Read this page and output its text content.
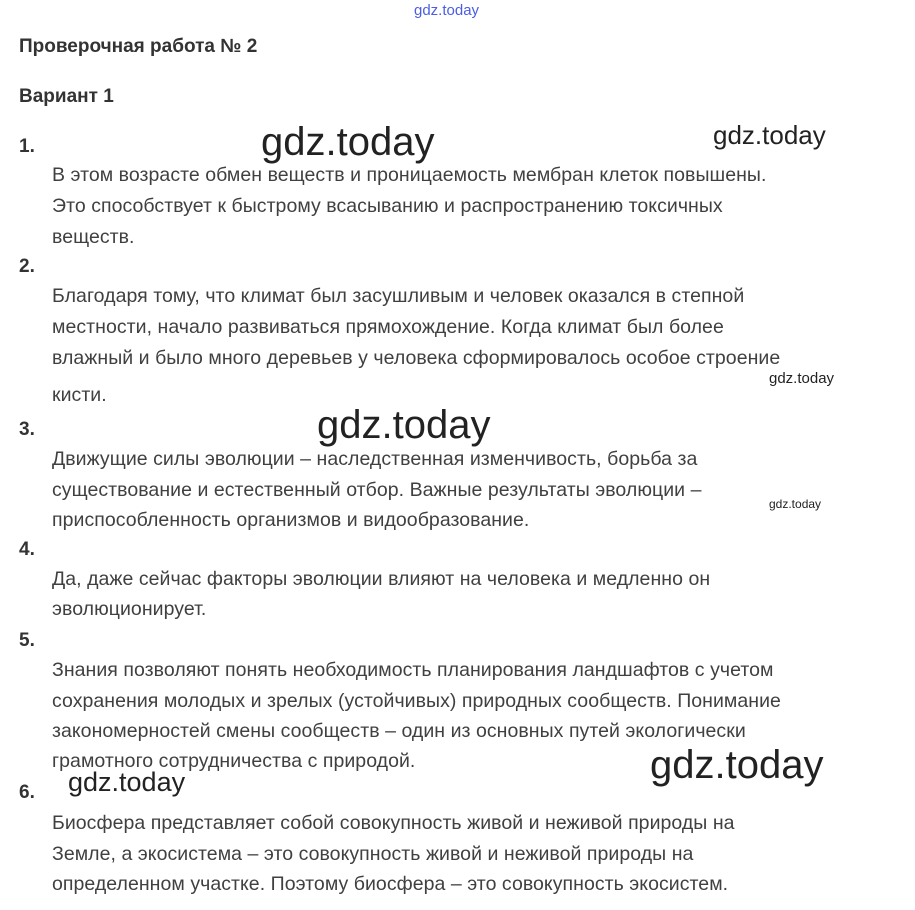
gdz.today
Проверочная работа № 2
Вариант 1
1.
В этом возрасте обмен веществ и проницаемость мембран клеток повышены.
Это способствует к быстрому всасыванию и распространению токсичных
веществ.
2.
Благодаря тому, что климат был засушливым и человек оказался в степной
местности, начало развиваться прямохождение. Когда климат был более
влажный и было много деревьев у человека сформировалось особое строение
кисти.
3.
Движущие силы эволюции – наследственная изменчивость, борьба за
существование и естественный отбор. Важные результаты эволюции –
приспособленность организмов и видообразование.
4.
Да, даже сейчас факторы эволюции влияют на человека и медленно он
эволюционирует.
5.
Знания позволяют понять необходимость планирования ландшафтов с учетом
сохранения молодых и зрелых (устойчивых) природных сообществ. Понимание
закономерностей смены сообществ – один из основных путей экологически
грамотного сотрудничества с природой.
6.
Биосфера представляет собой совокупность живой и неживой природы на
Земле, а экосистема – это совокупность живой и неживой природы на
определенном участке. Поэтому биосфера – это совокупность экосистем.
gdz.today	gdz.today
gdz.today
gdz.today
gdz.today
gdz.today
gdz.today
